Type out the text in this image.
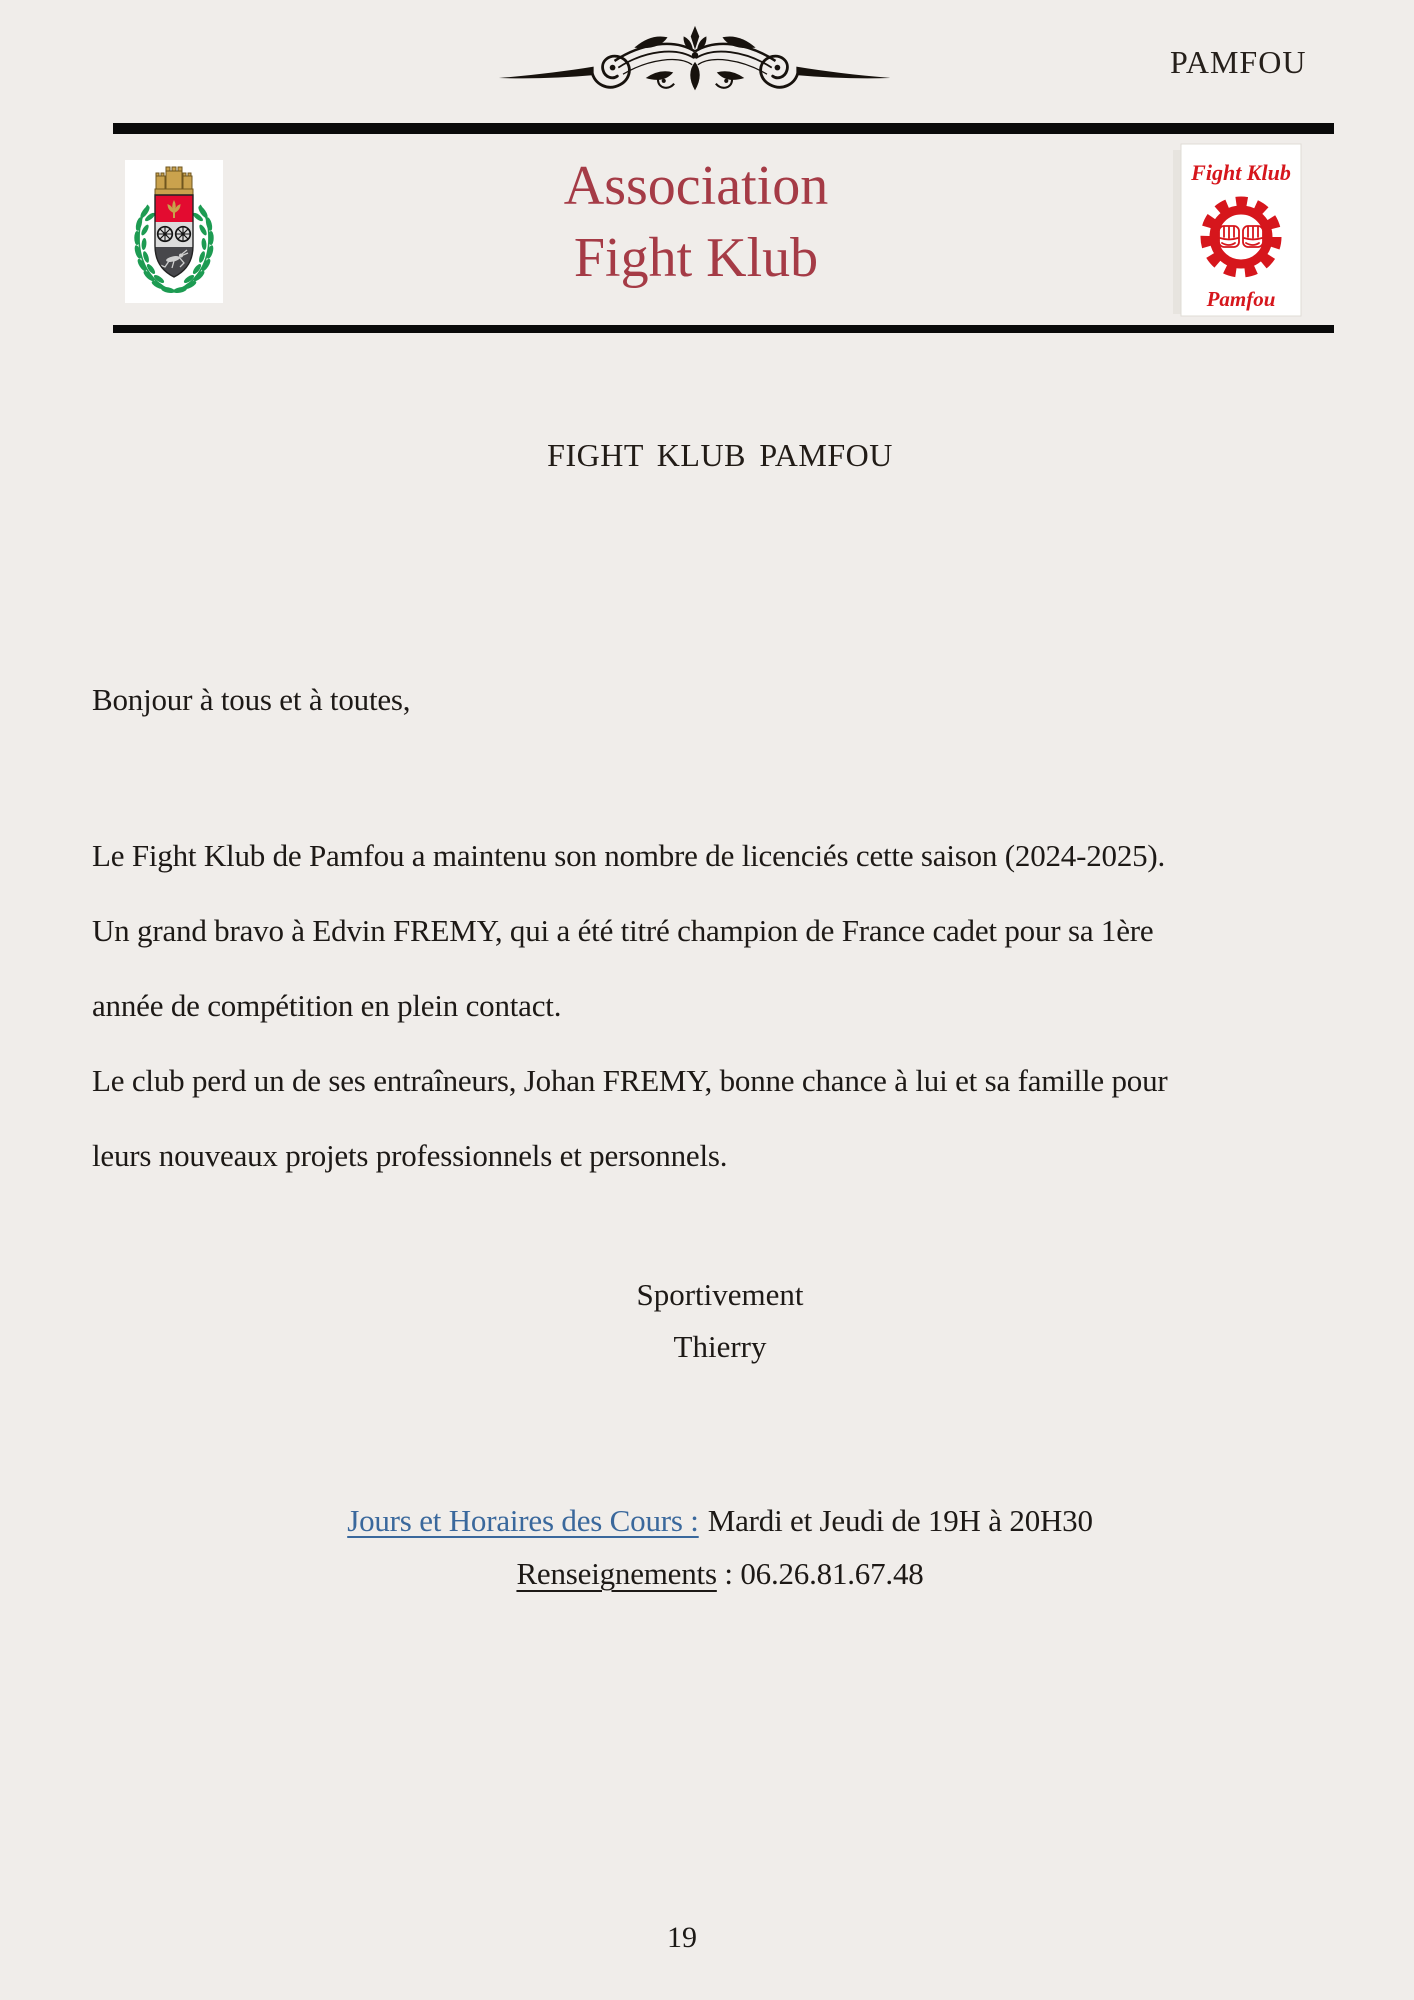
PAMFOU
Association
Fight Klub
Fight Klub
Pamfou
FIGHT KLUB PAMFOU
Bonjour à tous et à toutes,
Le Fight Klub de Pamfou a maintenu son nombre de licenciés cette saison (2024-2025).
Un grand bravo à Edvin FREMY, qui a été titré champion de France cadet pour sa 1ère
année de compétition en plein contact.
Le club perd un de ses entraîneurs, Johan FREMY, bonne chance à lui et sa famille pour
leurs nouveaux projets professionnels et personnels.
Sportivement
Thierry
Jours et Horaires des Cours : Mardi et Jeudi de 19H à 20H30
Renseignements : 06.26.81.67.48
19
